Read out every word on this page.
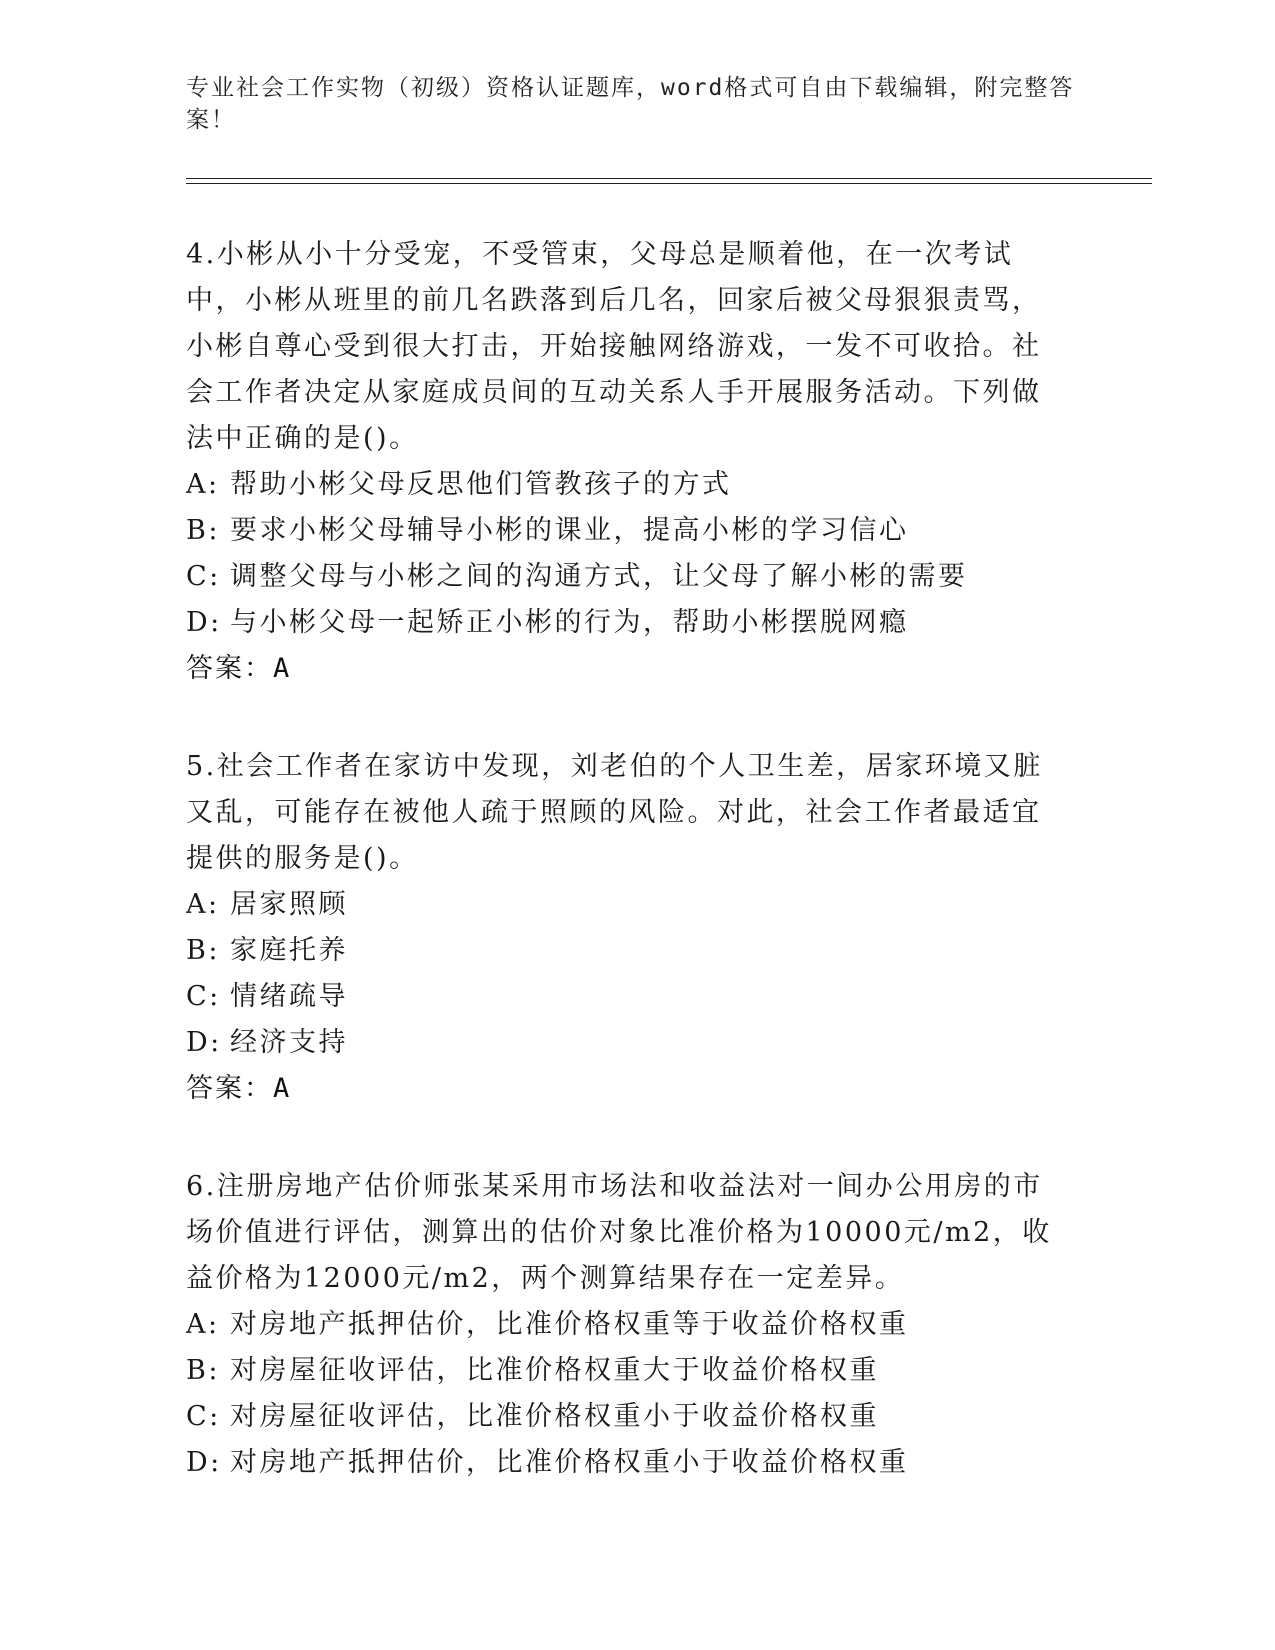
专业社会工作实物（初级）资格认证题库，word格式可自由下载编辑，附完整答案！

4.小彬从小十分受宠，不受管束，父母总是顺着他，在一次考试中，小彬从班里的前几名跌落到后几名，回家后被父母狠狠责骂，小彬自尊心受到很大打击，开始接触网络游戏，一发不可收拾。社会工作者决定从家庭成员间的互动关系人手开展服务活动。下列做法中正确的是()。

A: 帮助小彬父母反思他们管教孩子的方式

B: 要求小彬父母辅导小彬的课业，提高小彬的学习信心

C: 调整父母与小彬之间的沟通方式，让父母了解小彬的需要

D: 与小彬父母一起矫正小彬的行为，帮助小彬摆脱网瘾

答案：A

5.社会工作者在家访中发现，刘老伯的个人卫生差，居家环境又脏又乱，可能存在被他人疏于照顾的风险。对此，社会工作者最适宜提供的服务是()。

A: 居家照顾

B: 家庭托养

C: 情绪疏导

D: 经济支持

答案：A

6.注册房地产估价师张某采用市场法和收益法对一间办公用房的市场价值进行评估，测算出的估价对象比准价格为10000元/m2，收益价格为12000元/m2，两个测算结果存在一定差异。

A: 对房地产抵押估价，比准价格权重等于收益价格权重

B: 对房屋征收评估，比准价格权重大于收益价格权重

C: 对房屋征收评估，比准价格权重小于收益价格权重

D: 对房地产抵押估价，比准价格权重小于收益价格权重
